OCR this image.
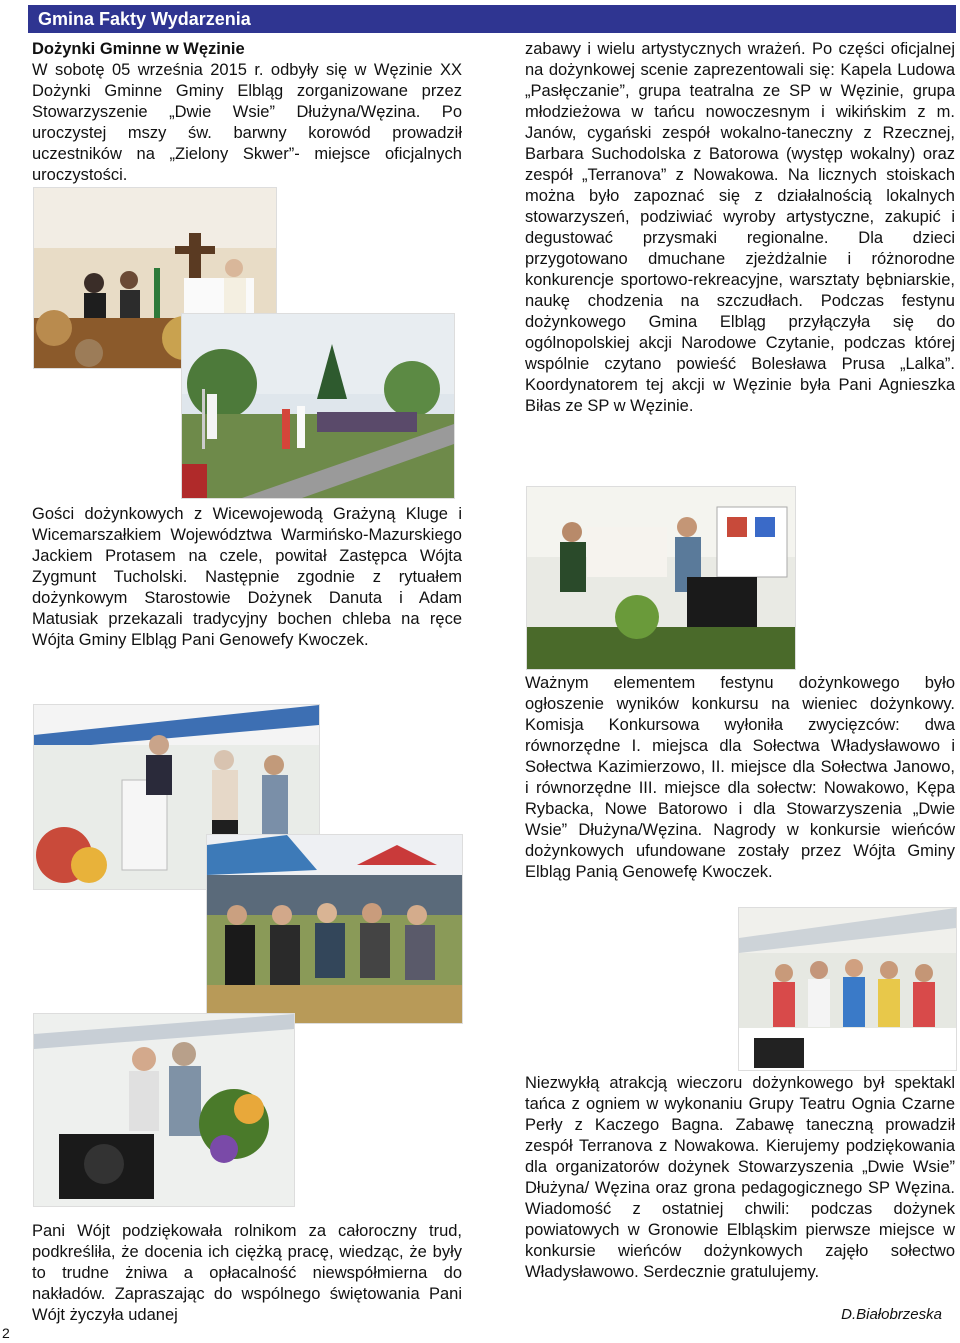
Gmina Fakty Wydarzenia
Dożynki Gminne w Węzinie

W sobotę 05 września 2015 r. odbyły się w Węzinie XX Dożynki Gminne Gminy Elbląg zorganizowane przez Stowarzyszenie „Dwie Wsie” Dłużyna/Węzina. Po uroczystej mszy św. barwny korowód prowadził uczestników na „Zielony Skwer”- miejsce oficjalnych uroczystości.

Gości dożynkowych z Wicewojewodą Grażyną Kluge i Wicemarszałkiem Województwa Warmińsko-Mazurskiego Jackiem Protasem na czele, powitał Zastępca Wójta Zygmunt Tucholski. Następnie zgodnie z rytuałem dożynkowym Starostowie Dożynek Danuta i Adam Matusiak przekazali tradycyjny bochen chleba na ręce Wójta Gminy Elbląg Pani Genowefy Kwoczek.

Pani Wójt podziękowała rolnikom za całoroczny trud, podkreśliła, że docenia ich ciężką pracę, wiedząc, że były to trudne żniwa a opłacalność niewspółmierna do nakładów. Zapraszając do wspólnego świętowania Pani Wójt życzyła udanej

zabawy i wielu artystycznych wrażeń. Po części oficjalnej na dożynkowej scenie zaprezentowali się: Kapela Ludowa „Pasłęczanie”, grupa teatralna ze SP w Węzinie, grupa młodzieżowa w tańcu nowoczesnym i wikińskim z m. Janów, cygański zespół wokalno-taneczny z Rzecznej, Barbara Suchodolska z Batorowa (występ wokalny) oraz zespół „Terranova” z Nowakowa. Na licznych stoiskach można było zapoznać się z działalnością lokalnych stowarzyszeń, podziwiać wyroby artystyczne, zakupić i degustować przysmaki regionalne. Dla dzieci przygotowano dmuchane zjeżdżalnie i różnorodne konkurencje sportowo-rekreacyjne, warsztaty bębniarskie, naukę chodzenia na szczudłach. Podczas festynu dożynkowego Gmina Elbląg przyłączyła się do ogólnopolskiej akcji Narodowe Czytanie, podczas której wspólnie czytano powieść Bolesława Prusa „Lalka”. Koordynatorem tej akcji w Węzinie była Pani Agnieszka Biłas ze SP w Węzinie.

Ważnym elementem festynu dożynkowego było ogłoszenie wyników konkursu na wieniec dożynkowy. Komisja Konkursowa wyłoniła zwycięzców: dwa równorzędne I. miejsca dla Sołectwa Władysławowo i Sołectwa Kazimierzowo, II. miejsce dla Sołectwa Janowo, i równorzędne III. miejsce dla sołectw: Nowakowo, Kępa Rybacka, Nowe Batorowo i dla Stowarzyszenia „Dwie Wsie” Dłużyna/Węzina. Nagrody w konkursie wieńców dożynkowych ufundowane zostały przez Wójta Gminy Elbląg Panią Genowefę Kwoczek.

Niezwykłą atrakcją wieczoru dożynkowego był spektakl tańca z ogniem w wykonaniu Grupy Teatru Ognia Czarne Perły z Kaczego Bagna. Zabawę taneczną prowadził zespół Terranova z Nowakowa. Kierujemy podziękowania dla organizatorów dożynek Stowarzyszenia „Dwie Wsie” Dłużyna/ Węzina oraz grona pedagogicznego SP Węzina. Wiadomość z ostatniej chwili: podczas dożynek powiatowych w Gronowie Elbląskim pierwsze miejsce w konkursie wieńców dożynkowych zajęło sołectwo Władysławowo. Serdecznie gratulujemy.

D.Białobrzeska
2
